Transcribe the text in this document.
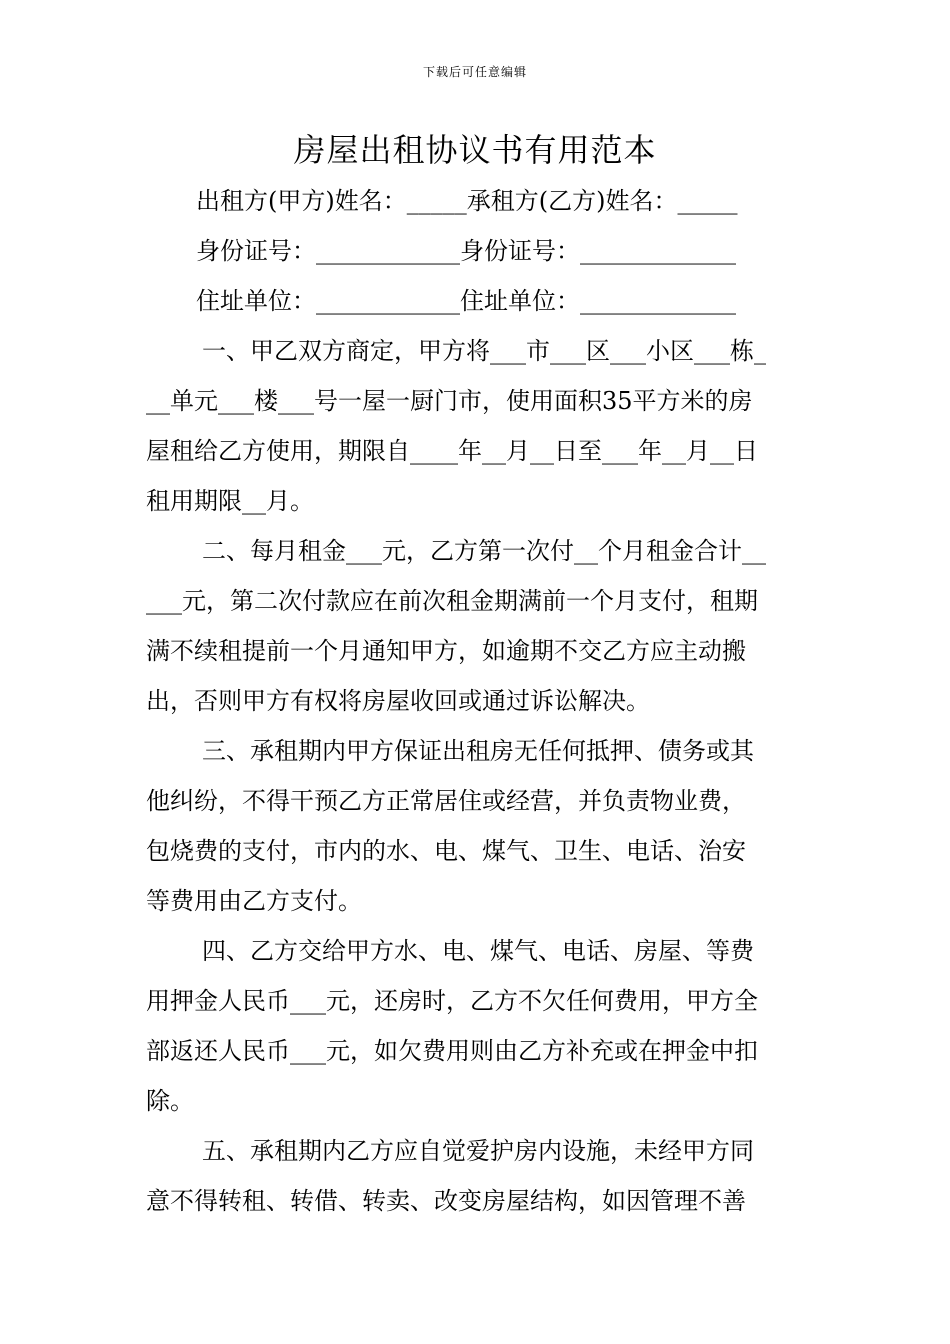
下载后可任意编辑
房屋出租协议书有用范本
出租方(甲方)姓名：_____承租方(乙方)姓名：_____
身份证号：____________身份证号：_____________
住址单位：____________住址单位：_____________
一、甲乙双方商定，甲方将___市___区___小区___栋_
__单元___楼___号一屋一厨门市，使用面积35平方米的房
屋租给乙方使用，期限自____年__月__日至___年__月__日
租用期限__月。
二、每月租金___元，乙方第一次付__个月租金合计__
___元，第二次付款应在前次租金期满前一个月支付，租期
满不续租提前一个月通知甲方，如逾期不交乙方应主动搬
出，否则甲方有权将房屋收回或通过诉讼解决。
三、承租期内甲方保证出租房无任何抵押、债务或其
他纠纷，不得干预乙方正常居住或经营，并负责物业费，
包烧费的支付，市内的水、电、煤气、卫生、电话、治安
等费用由乙方支付。
四、乙方交给甲方水、电、煤气、电话、房屋、等费
用押金人民币___元，还房时，乙方不欠任何费用，甲方全
部返还人民币___元，如欠费用则由乙方补充或在押金中扣
除。
五、承租期内乙方应自觉爱护房内设施，未经甲方同
意不得转租、转借、转卖、改变房屋结构，如因管理不善
